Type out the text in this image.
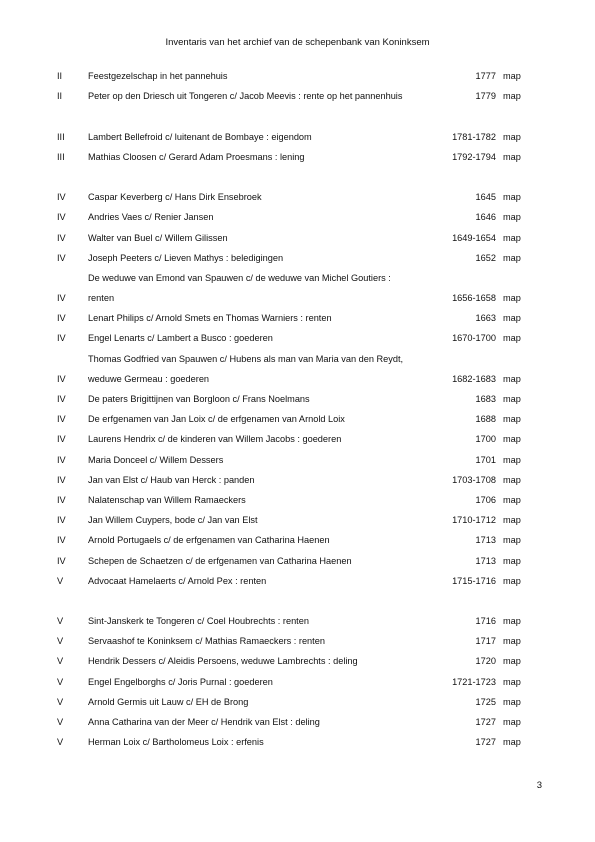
Inventaris van het archief van de schepenbank van Koninksem
II	Feestgezelschap in het pannehuis	1777 map
II	Peter op den Driesch uit Tongeren c/ Jacob Meevis : rente op het pannenhuis	1779 map
III	Lambert Bellefroid c/ luitenant de Bombaye : eigendom	1781-1782 map
III	Mathias Cloosen c/ Gerard Adam Proesmans : lening	1792-1794 map
IV Caspar Keverberg c/ Hans Dirk Ensebroek	1645 map
IV Andries Vaes c/ Renier Jansen	1646 map
IV Walter van Buel c/ Willem Gilissen	1649-1654 map
IV Joseph Peeters c/ Lieven Mathys : beledigingen	1652 map
De weduwe van Emond van Spauwen c/ de weduwe van Michel Goutiers :
IV renten	1656-1658 map
IV Lenart Philips c/ Arnold Smets en Thomas Warniers : renten	1663 map
IV Engel Lenarts c/ Lambert a Busco : goederen	1670-1700 map
Thomas Godfried van Spauwen c/ Hubens als man van Maria van den Reydt,
IV weduwe Germeau : goederen	1682-1683 map
IV De paters Brigittijnen van Borgloon c/ Frans Noelmans	1683 map
IV De erfgenamen van Jan Loix c/ de erfgenamen van Arnold Loix	1688 map
IV Laurens Hendrix c/ de kinderen van Willem Jacobs : goederen	1700 map
IV Maria Donceel c/ Willem Dessers	1701 map
IV Jan van Elst c/ Haub van Herck : panden	1703-1708 map
IV Nalatenschap van Willem Ramaeckers	1706 map
IV Jan Willem Cuypers, bode c/ Jan van Elst	1710-1712 map
IV Arnold Portugaels c/ de erfgenamen van Catharina Haenen	1713 map
IV Schepen de Schaetzen c/ de erfgenamen van Catharina Haenen	1713 map
V	Advocaat Hamelaerts c/ Arnold Pex : renten	1715-1716 map
V	Sint-Janskerk te Tongeren c/ Coel Houbrechts : renten	1716 map
V	Servaashof te Koninksem c/ Mathias Ramaeckers : renten	1717 map
V	Hendrik Dessers c/ Aleidis Persoens, weduwe Lambrechts : deling	1720 map
V	Engel Engelborghs c/ Joris Purnal : goederen	1721-1723 map
V	Arnold Germis uit Lauw c/ EH de Brong	1725 map
V	Anna Catharina van der Meer c/ Hendrik van Elst : deling	1727 map
V	Herman Loix c/ Bartholomeus Loix : erfenis	1727 map
3
